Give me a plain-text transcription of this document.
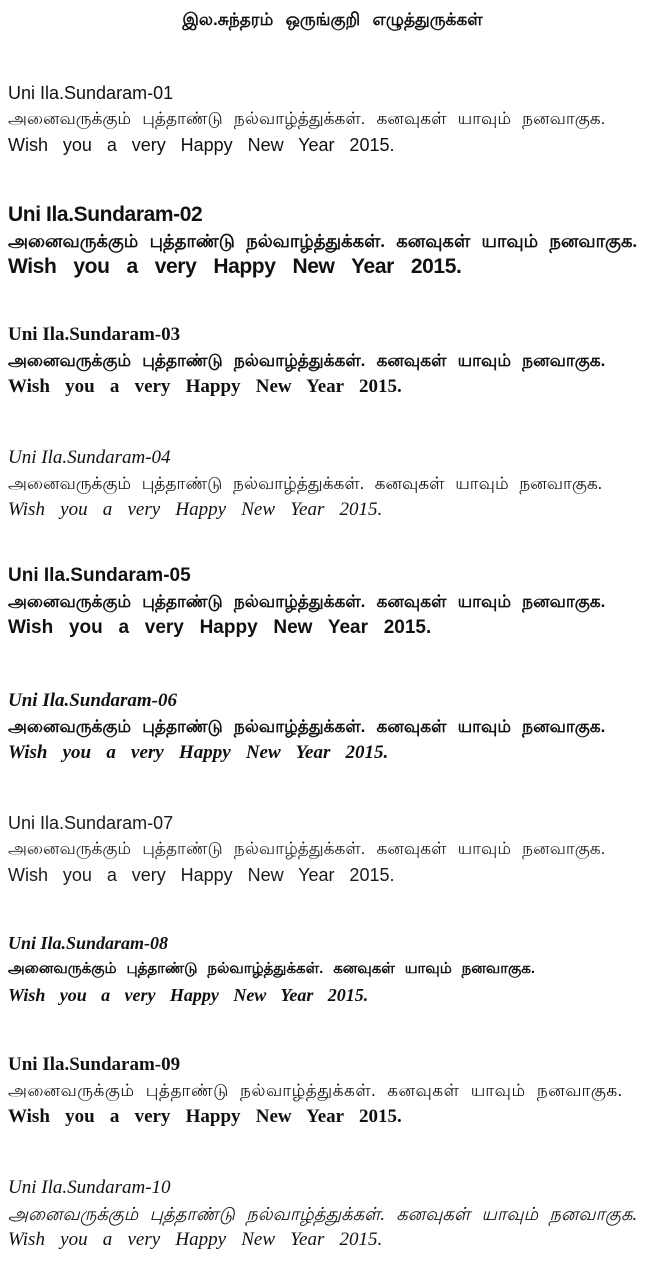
இல.சுந்தரம் ஒருங்குறி எழுத்துருக்கள்
Uni Ila.Sundaram-01
அனைவருக்கும் புத்தாண்டு நல்வாழ்த்துக்கள். கனவுகள் யாவும் நனவாகுக.
Wish you a very Happy New Year 2015.
Uni Ila.Sundaram-02
அனைவருக்கும் புத்தாண்டு நல்வாழ்த்துக்கள். கனவுகள் யாவும் நனவாகுக.
Wish you a very Happy New Year 2015.
Uni Ila.Sundaram-03
அனைவருக்கும் புத்தாண்டு நல்வாழ்த்துக்கள். கனவுகள் யாவும் நனவாகுக.
Wish you a very Happy New Year 2015.
Uni Ila.Sundaram-04
அனைவருக்கும் புத்தாண்டு நல்வாழ்த்துக்கள். கனவுகள் யாவும் நனவாகுக.
Wish you a very Happy New Year 2015.
Uni Ila.Sundaram-05
அனைவருக்கும் புத்தாண்டு நல்வாழ்த்துக்கள். கனவுகள் யாவும் நனவாகுக.
Wish you a very Happy New Year 2015.
Uni Ila.Sundaram-06
அனைவருக்கும் புத்தாண்டு நல்வாழ்த்துக்கள். கனவுகள் யாவும் நனவாகுக.
Wish you a very Happy New Year 2015.
Uni Ila.Sundaram-07
அனைவருக்கும் புத்தாண்டு நல்வாழ்த்துக்கள். கனவுகள் யாவும் நனவாகுக.
Wish you a very Happy New Year 2015.
Uni Ila.Sundaram-08
அனைவருக்கும் புத்தாண்டு நல்வாழ்த்துக்கள். கனவுகள் யாவும் நனவாகுக.
Wish you a very Happy New Year 2015.
Uni Ila.Sundaram-09
அனைவருக்கும் புத்தாண்டு நல்வாழ்த்துக்கள். கனவுகள் யாவும் நனவாகுக.
Wish you a very Happy New Year 2015.
Uni Ila.Sundaram-10
அனைவருக்கும் புத்தாண்டு நல்வாழ்த்துக்கள். கனவுகள் யாவும் நனவாகுக.
Wish you a very Happy New Year 2015.
